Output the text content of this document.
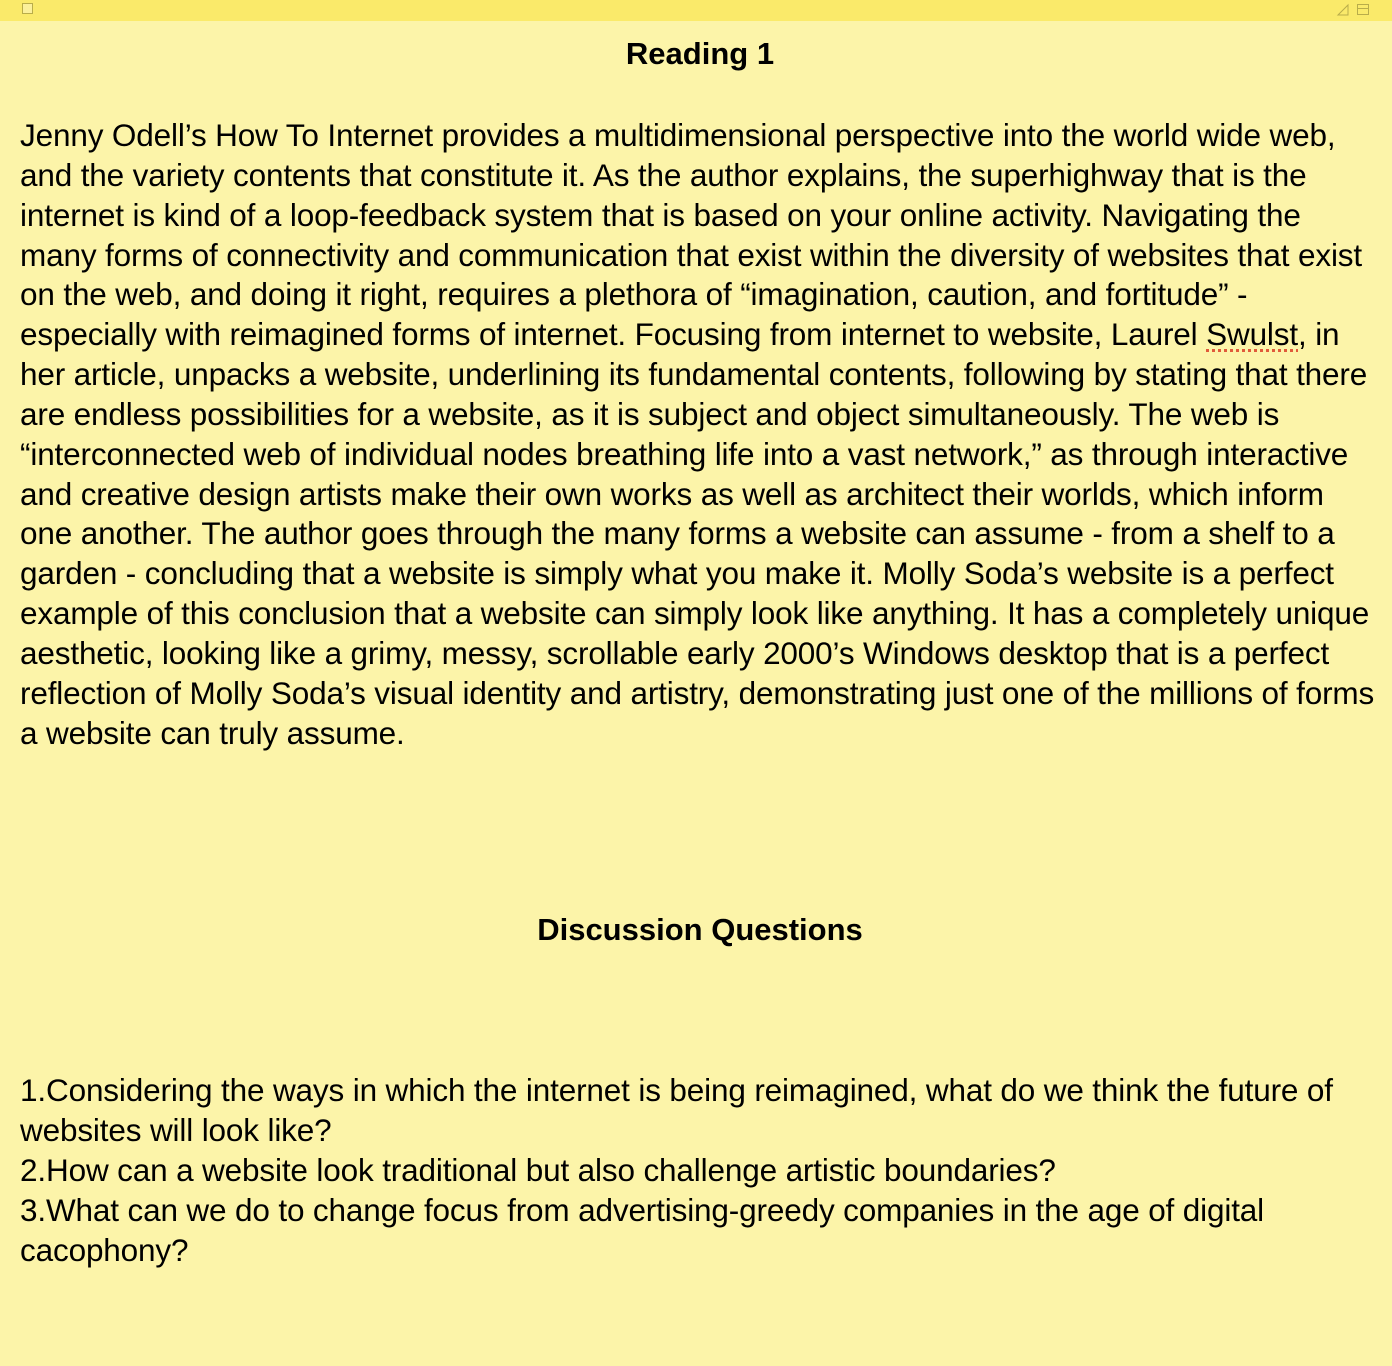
Reading 1

Jenny Odell’s How To Internet provides a multidimensional perspective into the world wide web, and the variety contents that constitute it. As the author explains, the superhighway that is the internet is kind of a loop-feedback system that is based on your online activity. Navigating the many forms of connectivity and communication that exist within the diversity of websites that exist on the web, and doing it right, requires a plethora of “imagination, caution, and fortitude” - especially with reimagined forms of internet. Focusing from internet to website, Laurel Swulst, in her article, unpacks a website, underlining its fundamental contents, following by stating that there are endless possibilities for a website, as it is subject and object simultaneously. The web is “interconnected web of individual nodes breathing life into a vast network,” as through interactive and creative design artists make their own works as well as architect their worlds, which inform one another. The author goes through the many forms a website can assume - from a shelf to a garden - concluding that a website is simply what you make it. Molly Soda’s website is a perfect example of this conclusion that a website can simply look like anything. It has a completely unique aesthetic, looking like a grimy, messy, scrollable early 2000’s Windows desktop that is a perfect reflection of Molly Soda’s visual identity and artistry, demonstrating just one of the millions of forms a website can truly assume.

Discussion Questions
1.Considering the ways in which the internet is being reimagined, what do we think the future of websites will look like?
2.How can a website look traditional but also challenge artistic boundaries?
3.What can we do to change focus from advertising-greedy companies in the age of digital cacophony?
